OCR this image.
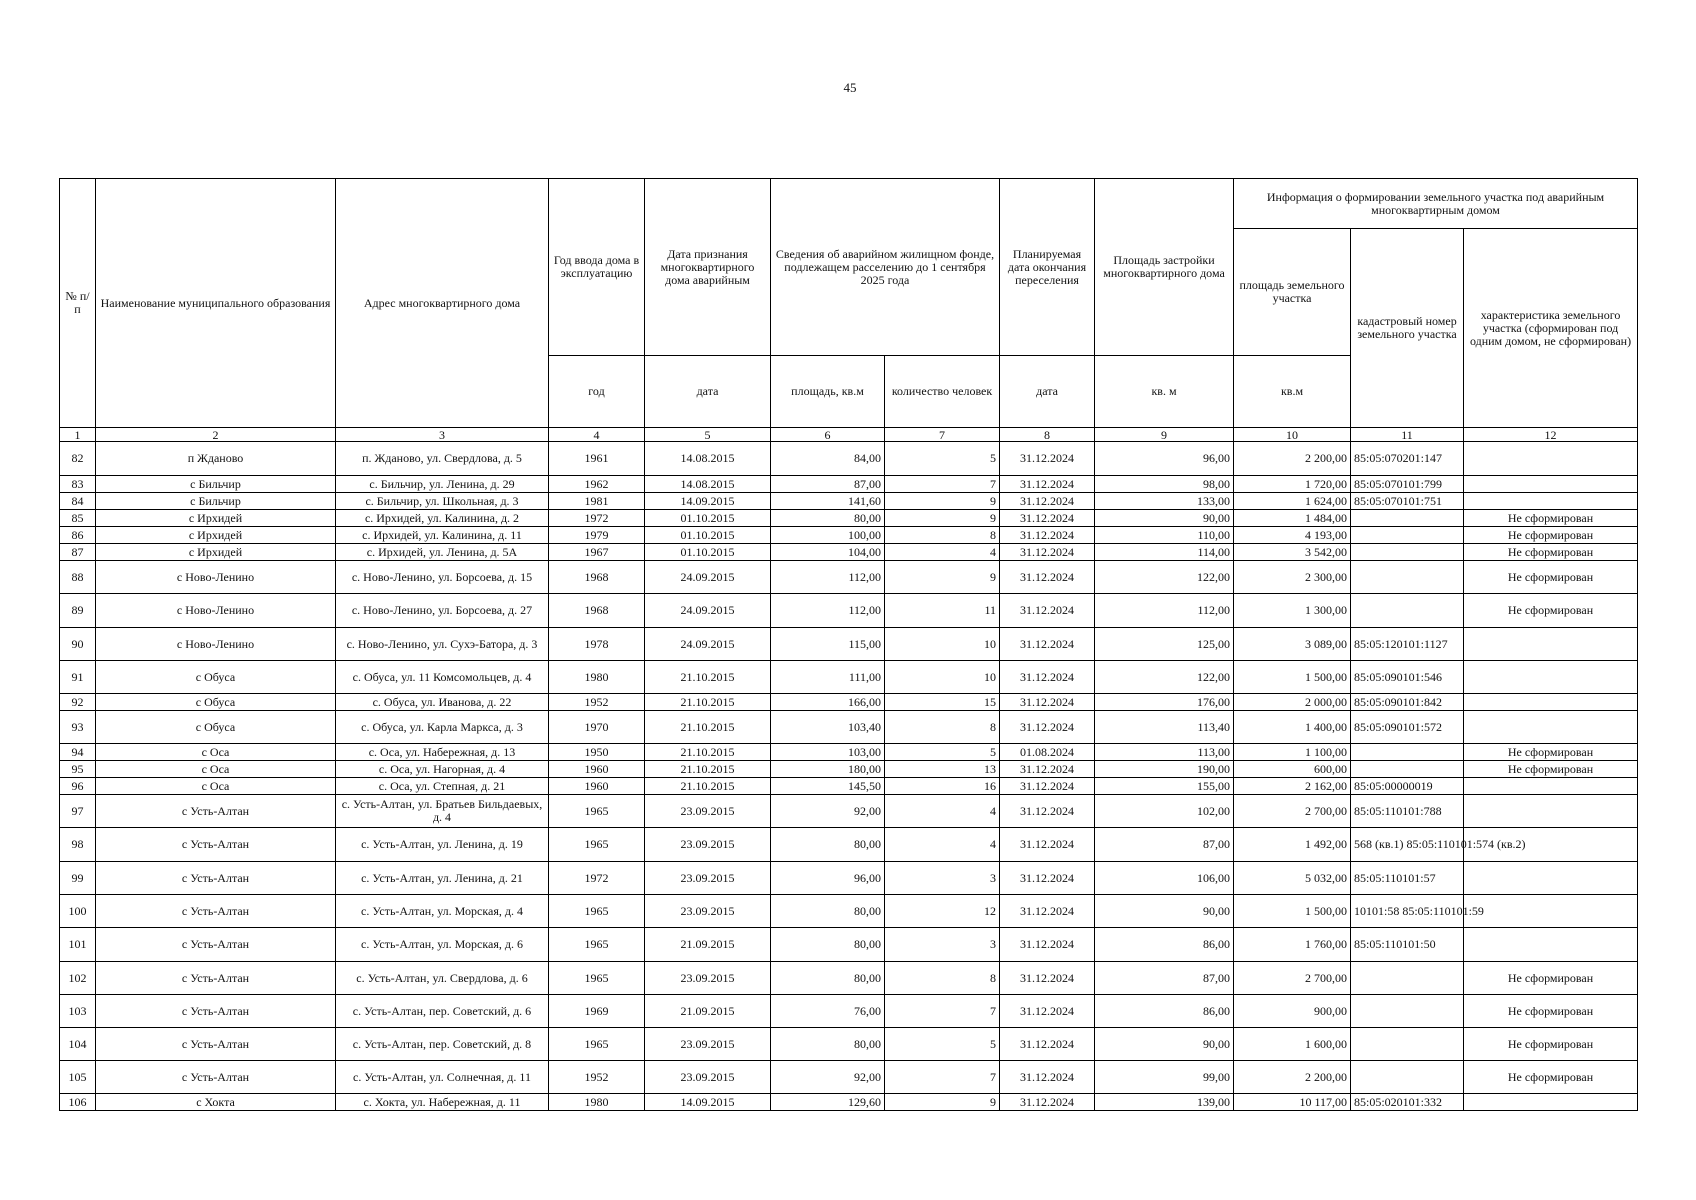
45
№ п/п	Наименование муниципального образования	Адрес многоквартирного дома	Год ввода дома в эксплуатацию	Дата признания многоквартирного дома аварийным	Сведения об аварийном жилищном фонде, подлежащем расселению до 1 сентября 2025 года		Планируемая дата окончания переселения	Площадь застройки многоквартирного дома	Информация о формировании земельного участка под аварийным многоквартирным домом		
									площадь земельного участка	кадастровый номер земельного участка	характеристика земельного участка (сформирован под одним домом, не сформирован)
			год	дата	площадь, кв.м	количество человек	дата	кв. м	кв.м		
1	2	3	4	5	6	7	8	9	10	11	12
82	п Жданово	п. Жданово, ул. Свердлова, д. 5	1961	14.08.2015	84,00	5	31.12.2024	96,00	2 200,00	85:05:070201:147	
83	с Бильчир	с. Бильчир, ул. Ленина, д. 29	1962	14.08.2015	87,00	7	31.12.2024	98,00	1 720,00	85:05:070101:799	
84	с Бильчир	с. Бильчир, ул. Школьная, д. 3	1981	14.09.2015	141,60	9	31.12.2024	133,00	1 624,00	85:05:070101:751	
85	с Ирхидей	с. Ирхидей, ул. Калинина, д. 2	1972	01.10.2015	80,00	9	31.12.2024	90,00	1 484,00		Не сформирован
86	с Ирхидей	с. Ирхидей, ул. Калинина, д. 11	1979	01.10.2015	100,00	8	31.12.2024	110,00	4 193,00		Не сформирован
87	с Ирхидей	с. Ирхидей, ул. Ленина, д. 5А	1967	01.10.2015	104,00	4	31.12.2024	114,00	3 542,00		Не сформирован
88	с Ново-Ленино	с. Ново-Ленино, ул. Борсоева, д. 15	1968	24.09.2015	112,00	9	31.12.2024	122,00	2 300,00		Не сформирован
89	с Ново-Ленино	с. Ново-Ленино, ул. Борсоева, д. 27	1968	24.09.2015	112,00	11	31.12.2024	112,00	1 300,00		Не сформирован
90	с Ново-Ленино	с. Ново-Ленино, ул. Сухэ-Батора, д. 3	1978	24.09.2015	115,00	10	31.12.2024	125,00	3 089,00	85:05:120101:1127	
91	с Обуса	с. Обуса, ул. 11 Комсомольцев, д. 4	1980	21.10.2015	111,00	10	31.12.2024	122,00	1 500,00	85:05:090101:546	
92	с Обуса	с. Обуса, ул. Иванова, д. 22	1952	21.10.2015	166,00	15	31.12.2024	176,00	2 000,00	85:05:090101:842	
93	с Обуса	с. Обуса, ул. Карла Маркса, д. 3	1970	21.10.2015	103,40	8	31.12.2024	113,40	1 400,00	85:05:090101:572	
94	с Оса	с. Оса, ул. Набережная, д. 13	1950	21.10.2015	103,00	5	01.08.2024	113,00	1 100,00		Не сформирован
95	с Оса	с. Оса, ул. Нагорная, д. 4	1960	21.10.2015	180,00	13	31.12.2024	190,00	600,00		Не сформирован
96	с Оса	с. Оса, ул. Степная, д. 21	1960	21.10.2015	145,50	16	31.12.2024	155,00	2 162,00	85:05:00000019	
97	с Усть-Алтан	с. Усть-Алтан, ул. Братьев Бильдаевых, д. 4	1965	23.09.2015	92,00	4	31.12.2024	102,00	2 700,00	85:05:110101:788	
98	с Усть-Алтан	с. Усть-Алтан, ул. Ленина, д. 19	1965	23.09.2015	80,00	4	31.12.2024	87,00	1 492,00	568 (кв.1) 85:05:110101:574 (кв.2)	
99	с Усть-Алтан	с. Усть-Алтан, ул. Ленина, д. 21	1972	23.09.2015	96,00	3	31.12.2024	106,00	5 032,00	85:05:110101:57	
100	с Усть-Алтан	с. Усть-Алтан, ул. Морская, д. 4	1965	23.09.2015	80,00	12	31.12.2024	90,00	1 500,00	10101:58 85:05:110101:59	
101	с Усть-Алтан	с. Усть-Алтан, ул. Морская, д. 6	1965	21.09.2015	80,00	3	31.12.2024	86,00	1 760,00	85:05:110101:50	
102	с Усть-Алтан	с. Усть-Алтан, ул. Свердлова, д. 6	1965	23.09.2015	80,00	8	31.12.2024	87,00	2 700,00		Не сформирован
103	с Усть-Алтан	с. Усть-Алтан, пер. Советский, д. 6	1969	21.09.2015	76,00	7	31.12.2024	86,00	900,00		Не сформирован
104	с Усть-Алтан	с. Усть-Алтан, пер. Советский, д. 8	1965	23.09.2015	80,00	5	31.12.2024	90,00	1 600,00		Не сформирован
105	с Усть-Алтан	с. Усть-Алтан, ул. Солнечная, д. 11	1952	23.09.2015	92,00	7	31.12.2024	99,00	2 200,00		Не сформирован
106	с Хокта	с. Хокта, ул. Набережная, д. 11	1980	14.09.2015	129,60	9	31.12.2024	139,00	10 117,00	85:05:020101:332	
